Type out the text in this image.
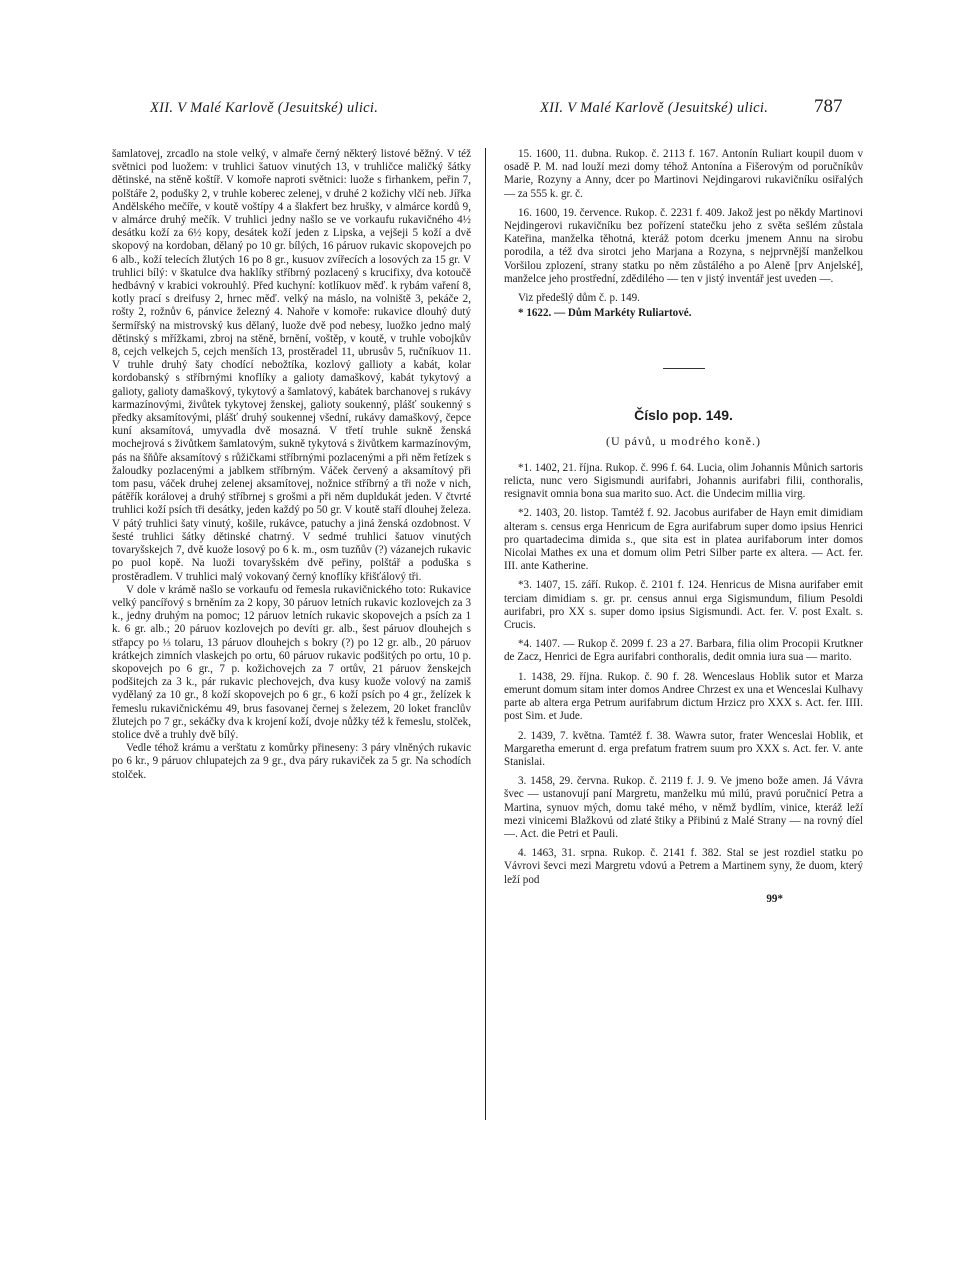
XII. V Malé Karlově (Jesuitské) ulici.	XII. V Malé Karlově (Jesuitské) ulici. 787

šamlatovej, zrcadlo na stole velký, v almaře černý některý listové běžný. V též světnici pod luožem: v truhlici šatuov vinutých 13, v truhličce maličký šátky dětinské, na stěně koštíř. V komoře naproti světnici: luože s firhankem, peřin 7, polštáře 2, podušky 2, v truhle koberec zelenej, v druhé 2 kožichy vlčí neb. Jířka Andělského mečíře, v koutě voštípy 4 a šlakfert bez hrušky, v almárce kordů 9, v almárce druhý mečík. V truhlici jedny našlo se ve vorkaufu rukavičného 4½ desátku koží za 6½ kopy, desátek koží jeden z Lipska, a vejšeji 5 koží a dvě skopový na kordoban, dělaný po 10 gr. bílých, 16 páruov rukavic skopovejch po 6 alb., koží telecích žlutých 16 po 8 gr., kusuov zvířecích a losových za 15 gr. V truhlici bílý: v škatulce dva haklíky stříbrný pozlacený s krucifixy, dva kotoučě hedbávný v krabici vokrouhlý. Před kuchyní: kotlíkuov měď. k rybám vaření 8, kotly prací s dreifusy 2, hrnec měď. velký na máslo, na volniště 3, pekáče 2, rošty 2, rožnův 6, pánvice železný 4. Nahoře v komoře: rukavice dlouhý dutý šermířský na mistrovský kus dělaný, luože dvě pod nebesy, luožko jedno malý dětinský s mřížkami, zbroj na stěně, brnění, voštěp, v koutě, v truhle vobojkův 8, cejch velkejch 5, cejch menších 13, prostěradel 11, ubrusův 5, ručníkuov 11. V truhle druhý šaty chodící nebožtíka, kozlový gallioty a kabát, kolar kordobanský s stříbrnými knoflíky a galioty damaškový, kabát tykytový a galioty, galioty damaškový, tykytový a šamlatový, kabátek barchanovej s rukávy karmazínovými, živůtek tykytovej ženskej, galioty soukenný, plášť soukenný s předky aksamítovými, plášť druhý soukennej všední, rukávy damaškový, čepce kuní aksamítová, umyvadla dvě mosazná. V třetí truhle sukně ženská mochejrová s živůtkem šamlatovým, sukně tykytová s živůtkem karmazínovým, pás na šňůře aksamítový s růžičkami stříbrnými pozlacenými a při něm řetízek s žaloudky pozlacenými a jablkem stříbrným. Váček červený a aksamítový při tom pasu, váček druhej zelenej aksamítovej, nožnice stříbrný a tři nože v nich, pátěřík korálovej a druhý stříbrnej s grošmi a při něm dupldukát jeden. V čtvrté truhlici koží psích tři desátky, jeden každý po 50 gr. V koutě staří dlouhej železa. V pátý truhlici šaty vinutý, košile, rukávce, patuchy a jiná ženská ozdobnost. V šesté truhlici šátky dětinské chatrný. V sedmé truhlici šatuov vinutých tovaryšskejch 7, dvě kuože losový po 6 k. m., osm tuzňův (?) vázanejch rukavic po puol kopě. Na luoži tovaryšském dvě peřiny, polštář a poduška s prostěradlem. V truhlici malý vokovaný černý knoflíky křišťálový tři.

V dole v krámě našlo se vorkaufu od řemesla rukavičnického toto: Rukavice velký pancířový s brněním za 2 kopy, 30 páruov letních rukavic kozlovejch za 3 k., jedny druhým na pomoc; 12 páruov letních rukavic skopovejch a psích za 1 k. 6 gr. alb.; 20 páruov kozlovejch po devíti gr. alb., šest páruov dlouhejch s střapcy po ⅓ tolaru, 13 páruov dlouhejch s bokry (?) po 12 gr. alb., 20 páruov krátkejch zimních vlaskejch po ortu, 60 páruov rukavic podšitých po ortu, 10 p. skopovejch po 6 gr., 7 p. kožichovejch za 7 ortův, 21 páruov ženskejch podšitejch za 3 k., pár rukavic plechovejch, dva kusy kuože volový na zamiš vydělaný za 10 gr., 8 koží skopovejch po 6 gr., 6 koží psích po 4 gr., želízek k řemeslu rukavičnickému 49, brus fasovanej černej s železem, 20 loket franclův žlutejch po 7 gr., sekáčky dva k krojení koží, dvoje nůžky též k řemeslu, stolček, stolice dvě a truhly dvě bílý.

Vedle téhož krámu a verštatu z komůrky přineseny: 3 páry vlněných rukavic po 6 kr., 9 páruov chlupatejch za 9 gr., dva páry rukaviček za 5 gr. Na schodích stolček.

15. 1600, 11. dubna. Rukop. č. 2113 f. 167. Antonín Ruliart koupil duom v osadě P. M. nad louží mezi domy téhož Antonína a Fišerovým od poručníkův Marie, Rozyny a Anny, dcer po Martinovi Nejdingarovi rukavičníku osiřalých — za 555 k. gr. č.

16. 1600, 19. července. Rukop. č. 2231 f. 409. Jakož jest po někdy Martinovi Nejdingerovi rukavičníku bez pořízení statečku jeho z světa sešlém zůstala Kateřina, manželka těhotná, kteráž potom dcerku jmenem Annu na sirobu porodila, a též dva sirotci jeho Marjana a Rozyna, s nejprvnější manželkou Voršilou zplození, strany statku po něm zůstálého a po Aleně [prv Anjelské], manželce jeho prostřední, zdědilého — ten v jistý inventář jest uveden —.

Viz předešlý dům č. p. 149.

* 1622. — Dům Markéty Ruliartové.

Číslo pop. 149.
(U pávů, u modrého koně.)

*1. 1402, 21. října. Rukop. č. 996 f. 64. Lucia, olim Johannis Můnich sartoris relicta, nunc vero Sigismundi aurifabri, Johannis aurifabri filii, conthoralis, resignavit omnia bona sua marito suo. Act. die Undecim millia virg.

*2. 1403, 20. listop. Tamtéž f. 92. Jacobus aurifaber de Hayn emit dimidiam alteram s. census erga Henricum de Egra aurifabrum super domo ipsius Henrici pro quartadecima dimida s., que sita est in platea aurifaborum inter domos Nicolai Mathes ex una et domum olim Petri Silber parte ex altera. — Act. fer. III. ante Katherine.

*3. 1407, 15. září. Rukop. č. 2101 f. 124. Henricus de Misna aurifaber emit terciam dimidiam s. gr. pr. census annui erga Sigismundum, filium Pesoldi aurifabri, pro XX s. super domo ipsius Sigismundi. Act. fer. V. post Exalt. s. Crucis.

*4. 1407. — Rukop č. 2099 f. 23 a 27. Barbara, filia olim Procopii Krutkner de Zacz, Henrici de Egra aurifabri conthoralis, dedit omnia iura sua — marito.

1. 1438, 29. října. Rukop. č. 90 f. 28. Wenceslaus Hoblik sutor et Marza emerunt domum sitam inter domos Andree Chrzest ex una et Wenceslai Kulhavy parte ab altera erga Petrum aurifabrum dictum Hrzicz pro XXX s. Act. fer. IIII. post Sim. et Jude.

2. 1439, 7. května. Tamtéž f. 38. Wawra sutor, frater Wenceslai Hoblik, et Margaretha emerunt d. erga prefatum fratrem suum pro XXX s. Act. fer. V. ante Stanislai.

3. 1458, 29. června. Rukop. č. 2119 f. J. 9. Ve jmeno bože amen. Já Vávra švec — ustanovují paní Margretu, manželku mú milú, pravú poručnicí Petra a Martina, synuov mých, domu také mého, v němž bydlím, vinice, kteráž leží mezi vinicemi Blažkovú od zlaté štiky a Přibinú z Malé Strany — na rovný díel —. Act. die Petri et Pauli.

4. 1463, 31. srpna. Rukop. č. 2141 f. 382. Stal se jest rozdiel statku po Vávrovi ševci mezi Margretu vdovú a Petrem a Martinem syny, že duom, který leží pod

99*
